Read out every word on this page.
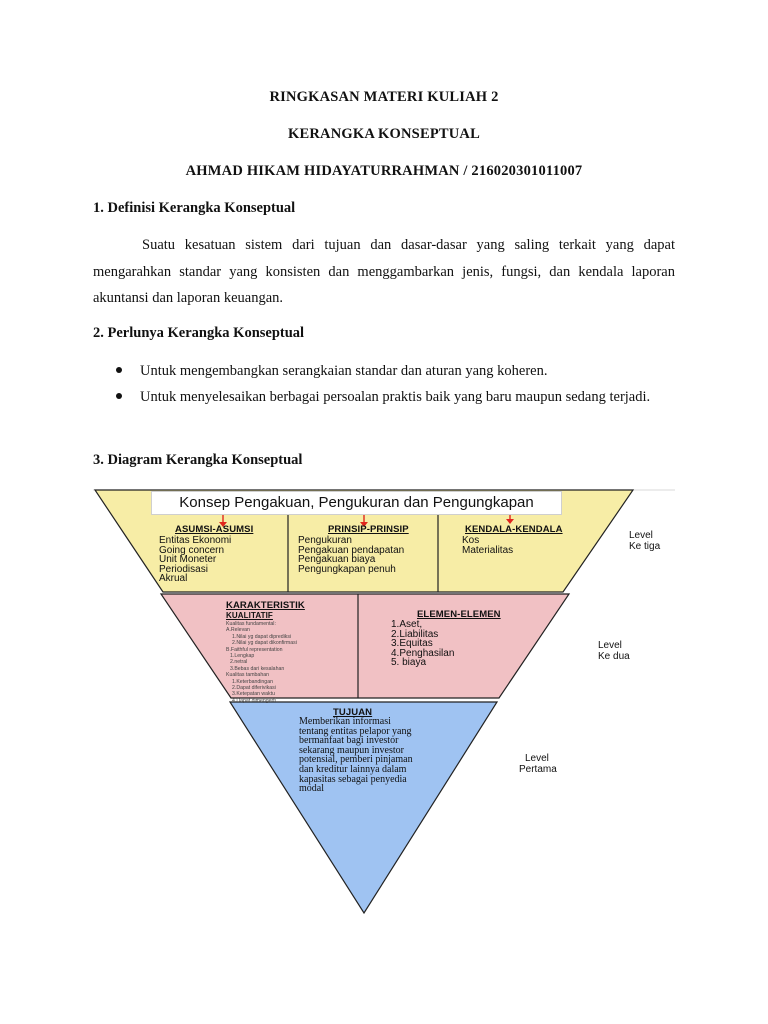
RINGKASAN MATERI KULIAH 2
KERANGKA KONSEPTUAL
AHMAD HIKAM HIDAYATURRAHMAN / 216020301011007
1. Definisi Kerangka Konseptual
Suatu kesatuan sistem dari tujuan dan dasar-dasar yang saling terkait yang dapat mengarahkan standar yang konsisten dan menggambarkan jenis, fungsi, dan kendala laporan akuntansi dan laporan keuangan.
2. Perlunya Kerangka Konseptual
Untuk mengembangkan serangkaian standar dan aturan yang koheren.
Untuk menyelesaikan berbagai persoalan praktis baik yang baru maupun sedang terjadi.
3. Diagram Kerangka Konseptual
Konsep Pengakuan, Pengukuran dan Pengungkapan
ASUMSI-ASUMSI
Entitas Ekonomi
Going concern
Unit Moneter
Periodisasi
Akrual
PRINSIP-PRINSIP
Pengukuran
Pengakuan pendapatan
Pengakuan biaya
Pengungkapan penuh
KENDALA-KENDALA
Kos
Materialitas
Level
Ke tiga
KARAKTERISTIK
KUALITATIF
Kualitas fundamental:
A.Relevan
1.Nilai yg dapat diprediksi
2.Nilai yg dapat dikonfirmasi
B.Faithful representation
1.Lengkap
2.netral
3.Bebas dari kesalahan
Kualitas tambahan
1.Keterbandingan
2.Dapat diferivikasi
3.Ketepatan waktu
4.Dapat dimengerti
ELEMEN-ELEMEN
1.Aset,
2.Liabilitas
3.Equitas
4.Penghasilan
5. biaya
Level
Ke dua
TUJUAN
Memberikan informasi
tentang entitas pelapor yang
bermanfaat bagi investor
sekarang maupun investor
potensial, pemberi pinjaman
dan kreditur lainnya dalam
kapasitas sebagai penyedia
modal
Level
Pertama
